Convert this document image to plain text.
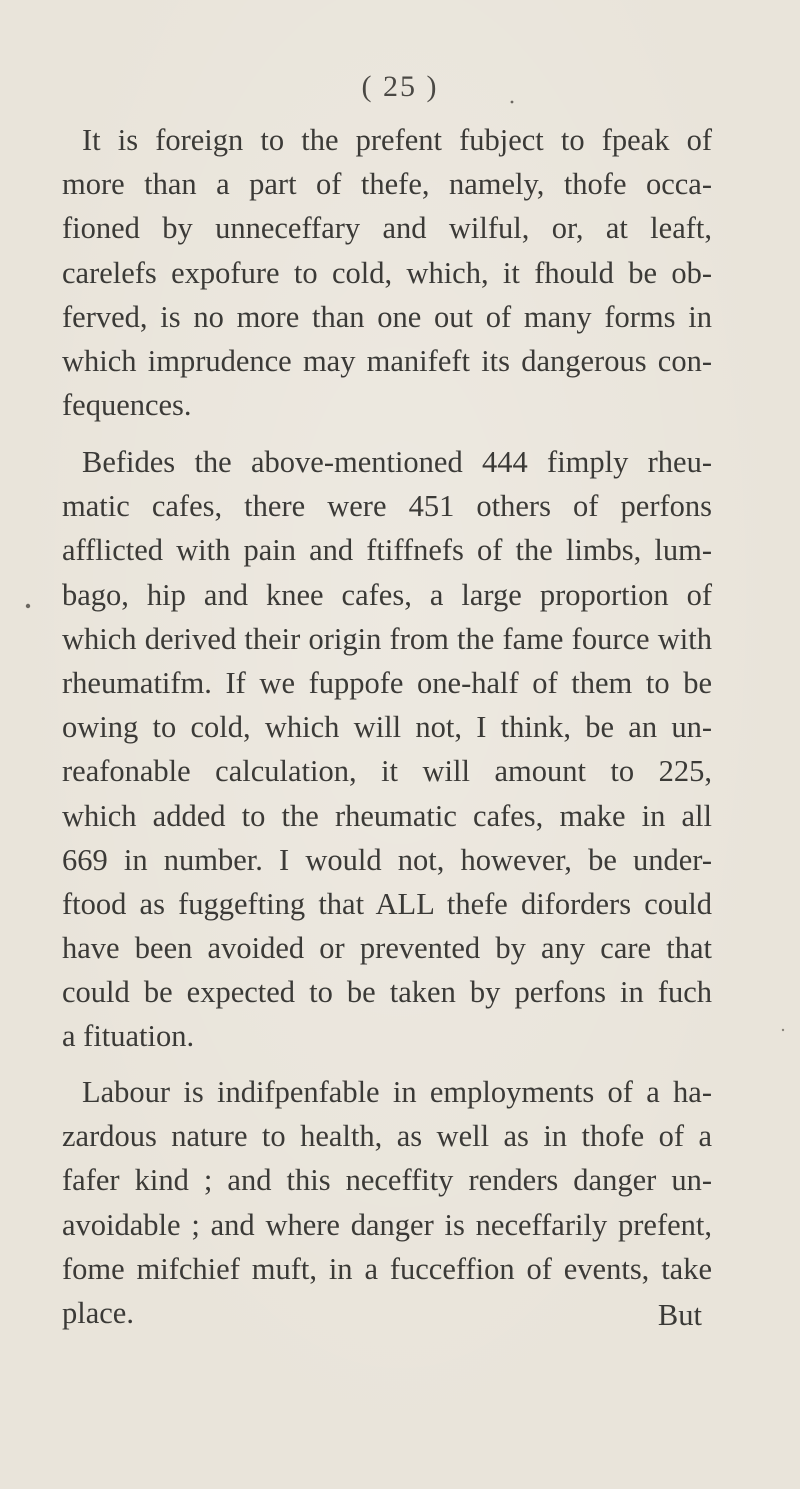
( 25 )
It is foreign to the prefent fubject to fpeak of
more than a part of thefe, namely, thofe occa-
fioned by unneceffary and wilful, or, at leaft,
carelefs expofure to cold, which, it fhould be ob-
ferved, is no more than one out of many forms in
which imprudence may manifeft its dangerous con-
fequences.
Befides the above-mentioned 444 fimply rheu-
matic cafes, there were 451 others of perfons
afflicted with pain and ftiffnefs of the limbs, lum-
bago, hip and knee cafes, a large proportion of
which derived their origin from the fame fource with
rheumatifm. If we fuppofe one-half of them to be
owing to cold, which will not, I think, be an un-
reafonable calculation, it will amount to 225,
which added to the rheumatic cafes, make in all
669 in number. I would not, however, be under-
ftood as fuggefting that ALL thefe diforders could
have been avoided or prevented by any care that
could be expected to be taken by perfons in fuch
a fituation.
Labour is indifpenfable in employments of a ha-
zardous nature to health, as well as in thofe of a
fafer kind ; and this neceffity renders danger un-
avoidable ; and where danger is neceffarily prefent,
fome mifchief muft, in a fucceffion of events, take
place.	But
